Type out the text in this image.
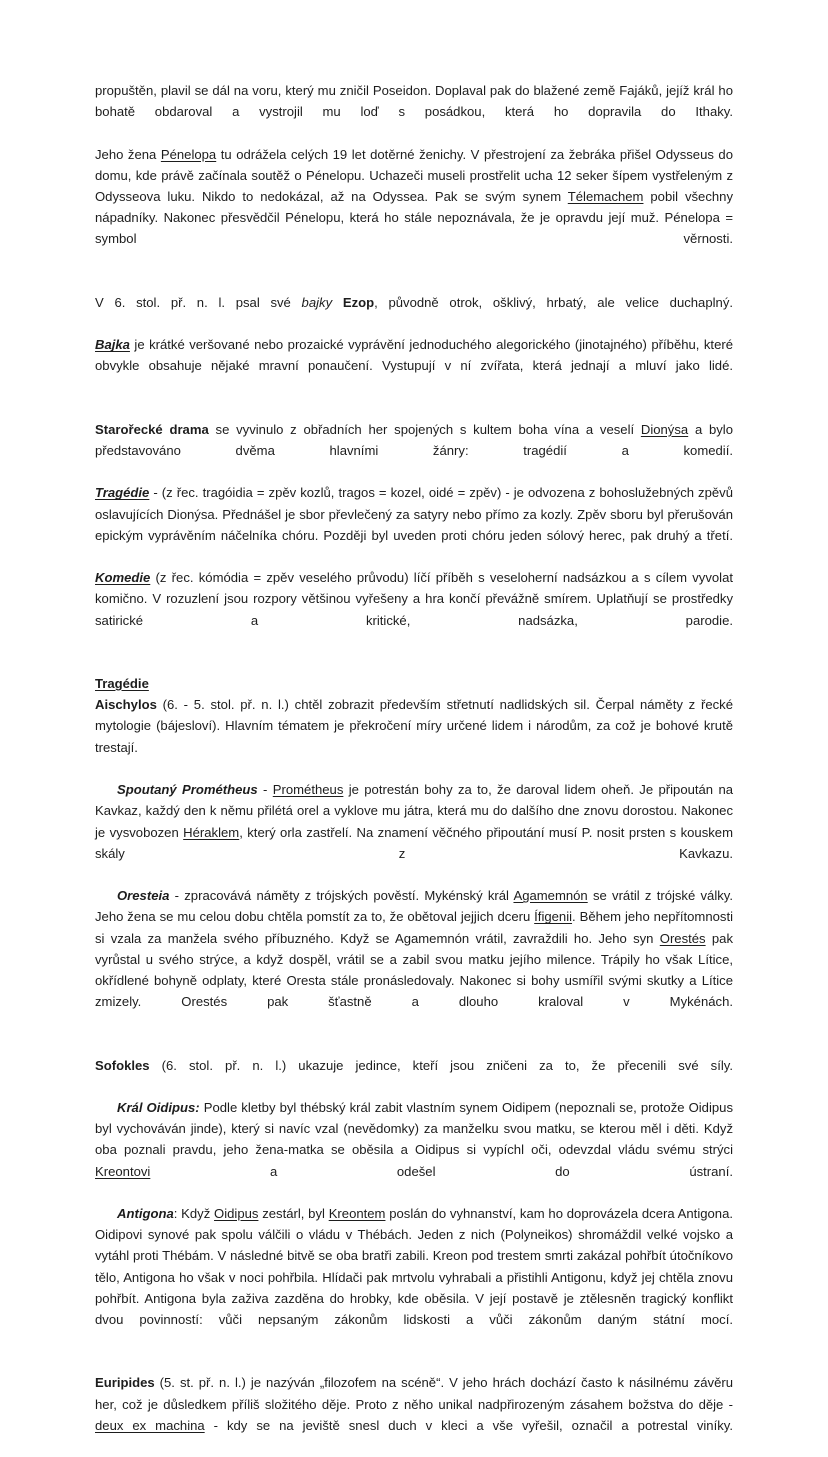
propuštěn, plavil se dál na voru, který mu zničil Poseidon. Doplaval pak do blažené země Fajáků, jejíž král ho bohatě obdaroval a vystrojil mu loď s posádkou, která ho dopravila do Ithaky.

Jeho žena Pénelopa tu odrážela celých 19 let dotěrné ženichy. V přestrojení za žebráka přišel Odysseus do domu, kde právě začínala soutěž o Pénelopu. Uchazeči museli prostřelit ucha 12 seker šípem vystřeleným z Odysseova luku. Nikdo to nedokázal, až na Odyssea. Pak se svým synem Télemachem pobil všechny nápadníky. Nakonec přesvědčil Pénelopu, která ho stále nepoznávala, že je opravdu její muž. Pénelopa = symbol věrnosti.

V 6. stol. př. n. l. psal své bajky Ezop, původně otrok, ošklivý, hrbatý, ale velice duchaplný.

Bajka je krátké veršované nebo prozaické vyprávění jednoduchého alegorického (jinotajného) příběhu, které obvykle obsahuje nějaké mravní ponaučení. Vystupují v ní zvířata, která jednají a mluví jako lidé.

Starořecké drama se vyvinulo z obřadních her spojených s kultem boha vína a veselí Dionýsa a bylo představováno dvěma hlavními žánry: tragédií a komedií.

Tragédie - (z řec. tragóidia = zpěv kozlů, tragos = kozel, oidé = zpěv) - je odvozena z bohoslužebných zpěvů oslavujících Dionýsa. Přednášel je sbor převlečený za satyry nebo přímo za kozly. Zpěv sboru byl přerušován epickým vyprávěním náčelníka chóru. Později byl uveden proti chóru jeden sólový herec, pak druhý a třetí.

Komedie (z řec. kómódia = zpěv veselého průvodu) líčí příběh s veseloherní nadsázkou a s cílem vyvolat komično. V rozuzlení jsou rozpory většinou vyřešeny a hra končí převážně smírem. Uplatňují se prostředky satirické a kritické, nadsázka, parodie.

Tragédie

Aischylos (6. - 5. stol. př. n. l.) chtěl zobrazit především střetnutí nadlidských sil. Čerpal náměty z řecké mytologie (bájesloví). Hlavním tématem je překročení míry určené lidem i národům, za což je bohové krutě trestají.

Spoutaný Prométheus - Prométheus je potrestán bohy za to, že daroval lidem oheň. Je připoután na Kavkaz, každý den k němu přilétá orel a vyklove mu játra, která mu do dalšího dne znovu dorostou. Nakonec je vysvobozen Héraklem, který orla zastřelí. Na znamení věčného připoutání musí P. nosit prsten s kouskem skály z Kavkazu.

Oresteia - zpracovává náměty z trójských pověstí. Mykénský král Agamemnón se vrátil z trójské války. Jeho žena se mu celou dobu chtěla pomstít za to, že obětoval jejjich dceru Ífigenii. Během jeho nepřítomnosti si vzala za manžela svého příbuzného. Když se Agamemnón vrátil, zavraždili ho. Jeho syn Orestés pak vyrůstal u svého strýce, a když dospěl, vrátil se a zabil svou matku jejího milence. Trápily ho však Lítice, okřídlené bohyně odplaty, které Oresta stále pronásledovaly. Nakonec si bohy usmířil svými skutky a Lítice zmizely. Orestés pak šťastně a dlouho kraloval v Mykénách.

Sofokles (6. stol. př. n. l.) ukazuje jedince, kteří jsou zničeni za to, že přecenili své síly.

Král Oidipus: Podle kletby byl thébský král zabit vlastním synem Oidipem (nepoznali se, protože Oidipus byl vychováván jinde), který si navíc vzal (nevědomky) za manželku svou matku, se kterou měl i děti. Když oba poznali pravdu, jeho žena-matka se oběsila a Oidipus si vypíchl oči, odevzdal vládu svému strýci Kreontovi a odešel do ústraní.

Antigona: Když Oidipus zestárl, byl Kreontem poslán do vyhnanství, kam ho doprovázela dcera Antigona. Oidipovi synové pak spolu válčili o vládu v Thébách. Jeden z nich (Polyneikos) shromáždil velké vojsko a vytáhl proti Thébám. V následné bitvě se oba bratři zabili. Kreon pod trestem smrti zakázal pohřbít útočníkovo tělo, Antigona ho však v noci pohřbila. Hlídači pak mrtvolu vyhrabali a přistihli Antigonu, když jej chtěla znovu pohřbít. Antigona byla zaživa zazděna do hrobky, kde oběsila. V její postavě je ztělesněn tragický konflikt dvou povinností: vůči nepsaným zákonům lidskosti a vůči zákonům daným státní mocí.

Euripides (5. st. př. n. l.) je nazýván „filozofem na scéně“. V jeho hrách dochází často k násilnému závěru her, což je důsledkem příliš složitého děje. Proto z něho unikal nadpřirozeným zásahem božstva do děje - deux ex machina - kdy se na jeviště snesl duch v kleci a vše vyřešil, označil a potrestal viníky.
